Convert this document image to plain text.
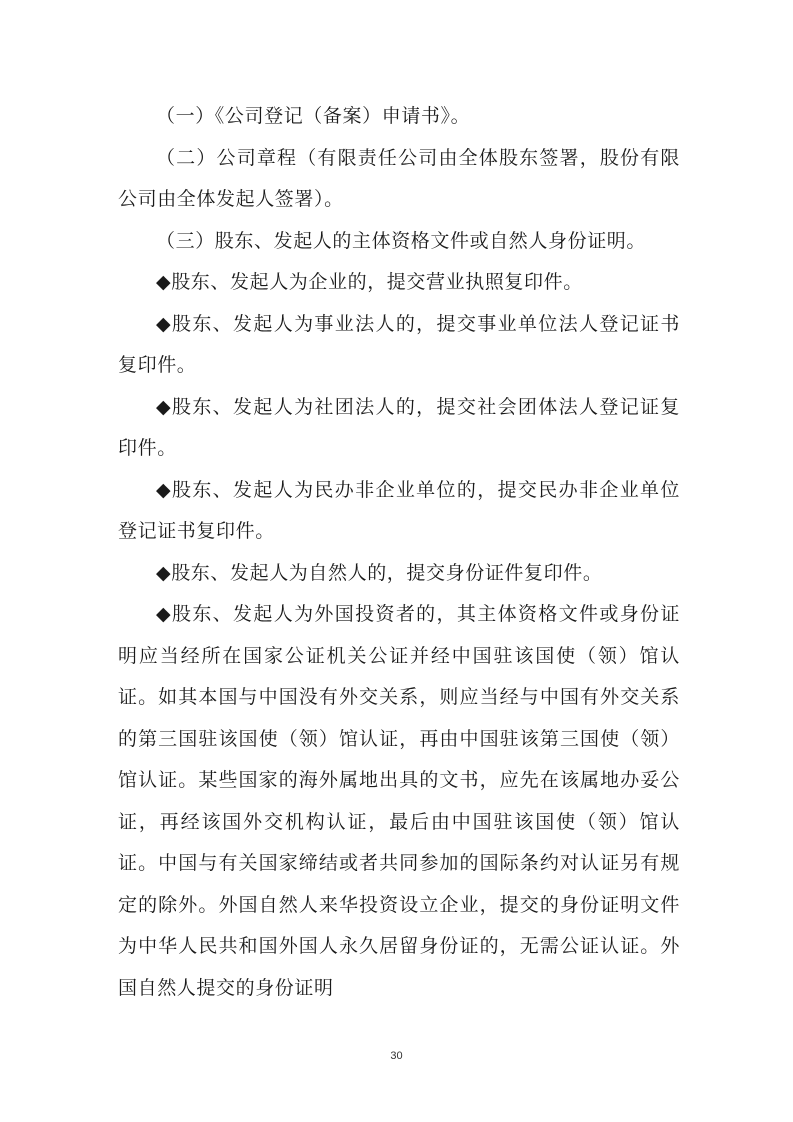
（一）《公司登记（备案）申请书》。

（二）公司章程（有限责任公司由全体股东签署，股份有限公司由全体发起人签署）。

（三）股东、发起人的主体资格文件或自然人身份证明。

◆股东、发起人为企业的，提交营业执照复印件。

◆股东、发起人为事业法人的，提交事业单位法人登记证书复印件。

◆股东、发起人为社团法人的，提交社会团体法人登记证复印件。

◆股东、发起人为民办非企业单位的，提交民办非企业单位登记证书复印件。

◆股东、发起人为自然人的，提交身份证件复印件。

◆股东、发起人为外国投资者的，其主体资格文件或身份证明应当经所在国家公证机关公证并经中国驻该国使（领）馆认证。如其本国与中国没有外交关系，则应当经与中国有外交关系的第三国驻该国使（领）馆认证，再由中国驻该第三国使（领）馆认证。某些国家的海外属地出具的文书，应先在该属地办妥公证，再经该国外交机构认证，最后由中国驻该国使（领）馆认证。中国与有关国家缔结或者共同参加的国际条约对认证另有规定的除外。外国自然人来华投资设立企业，提交的身份证明文件为中华人民共和国外国人永久居留身份证的，无需公证认证。外国自然人提交的身份证明

30
